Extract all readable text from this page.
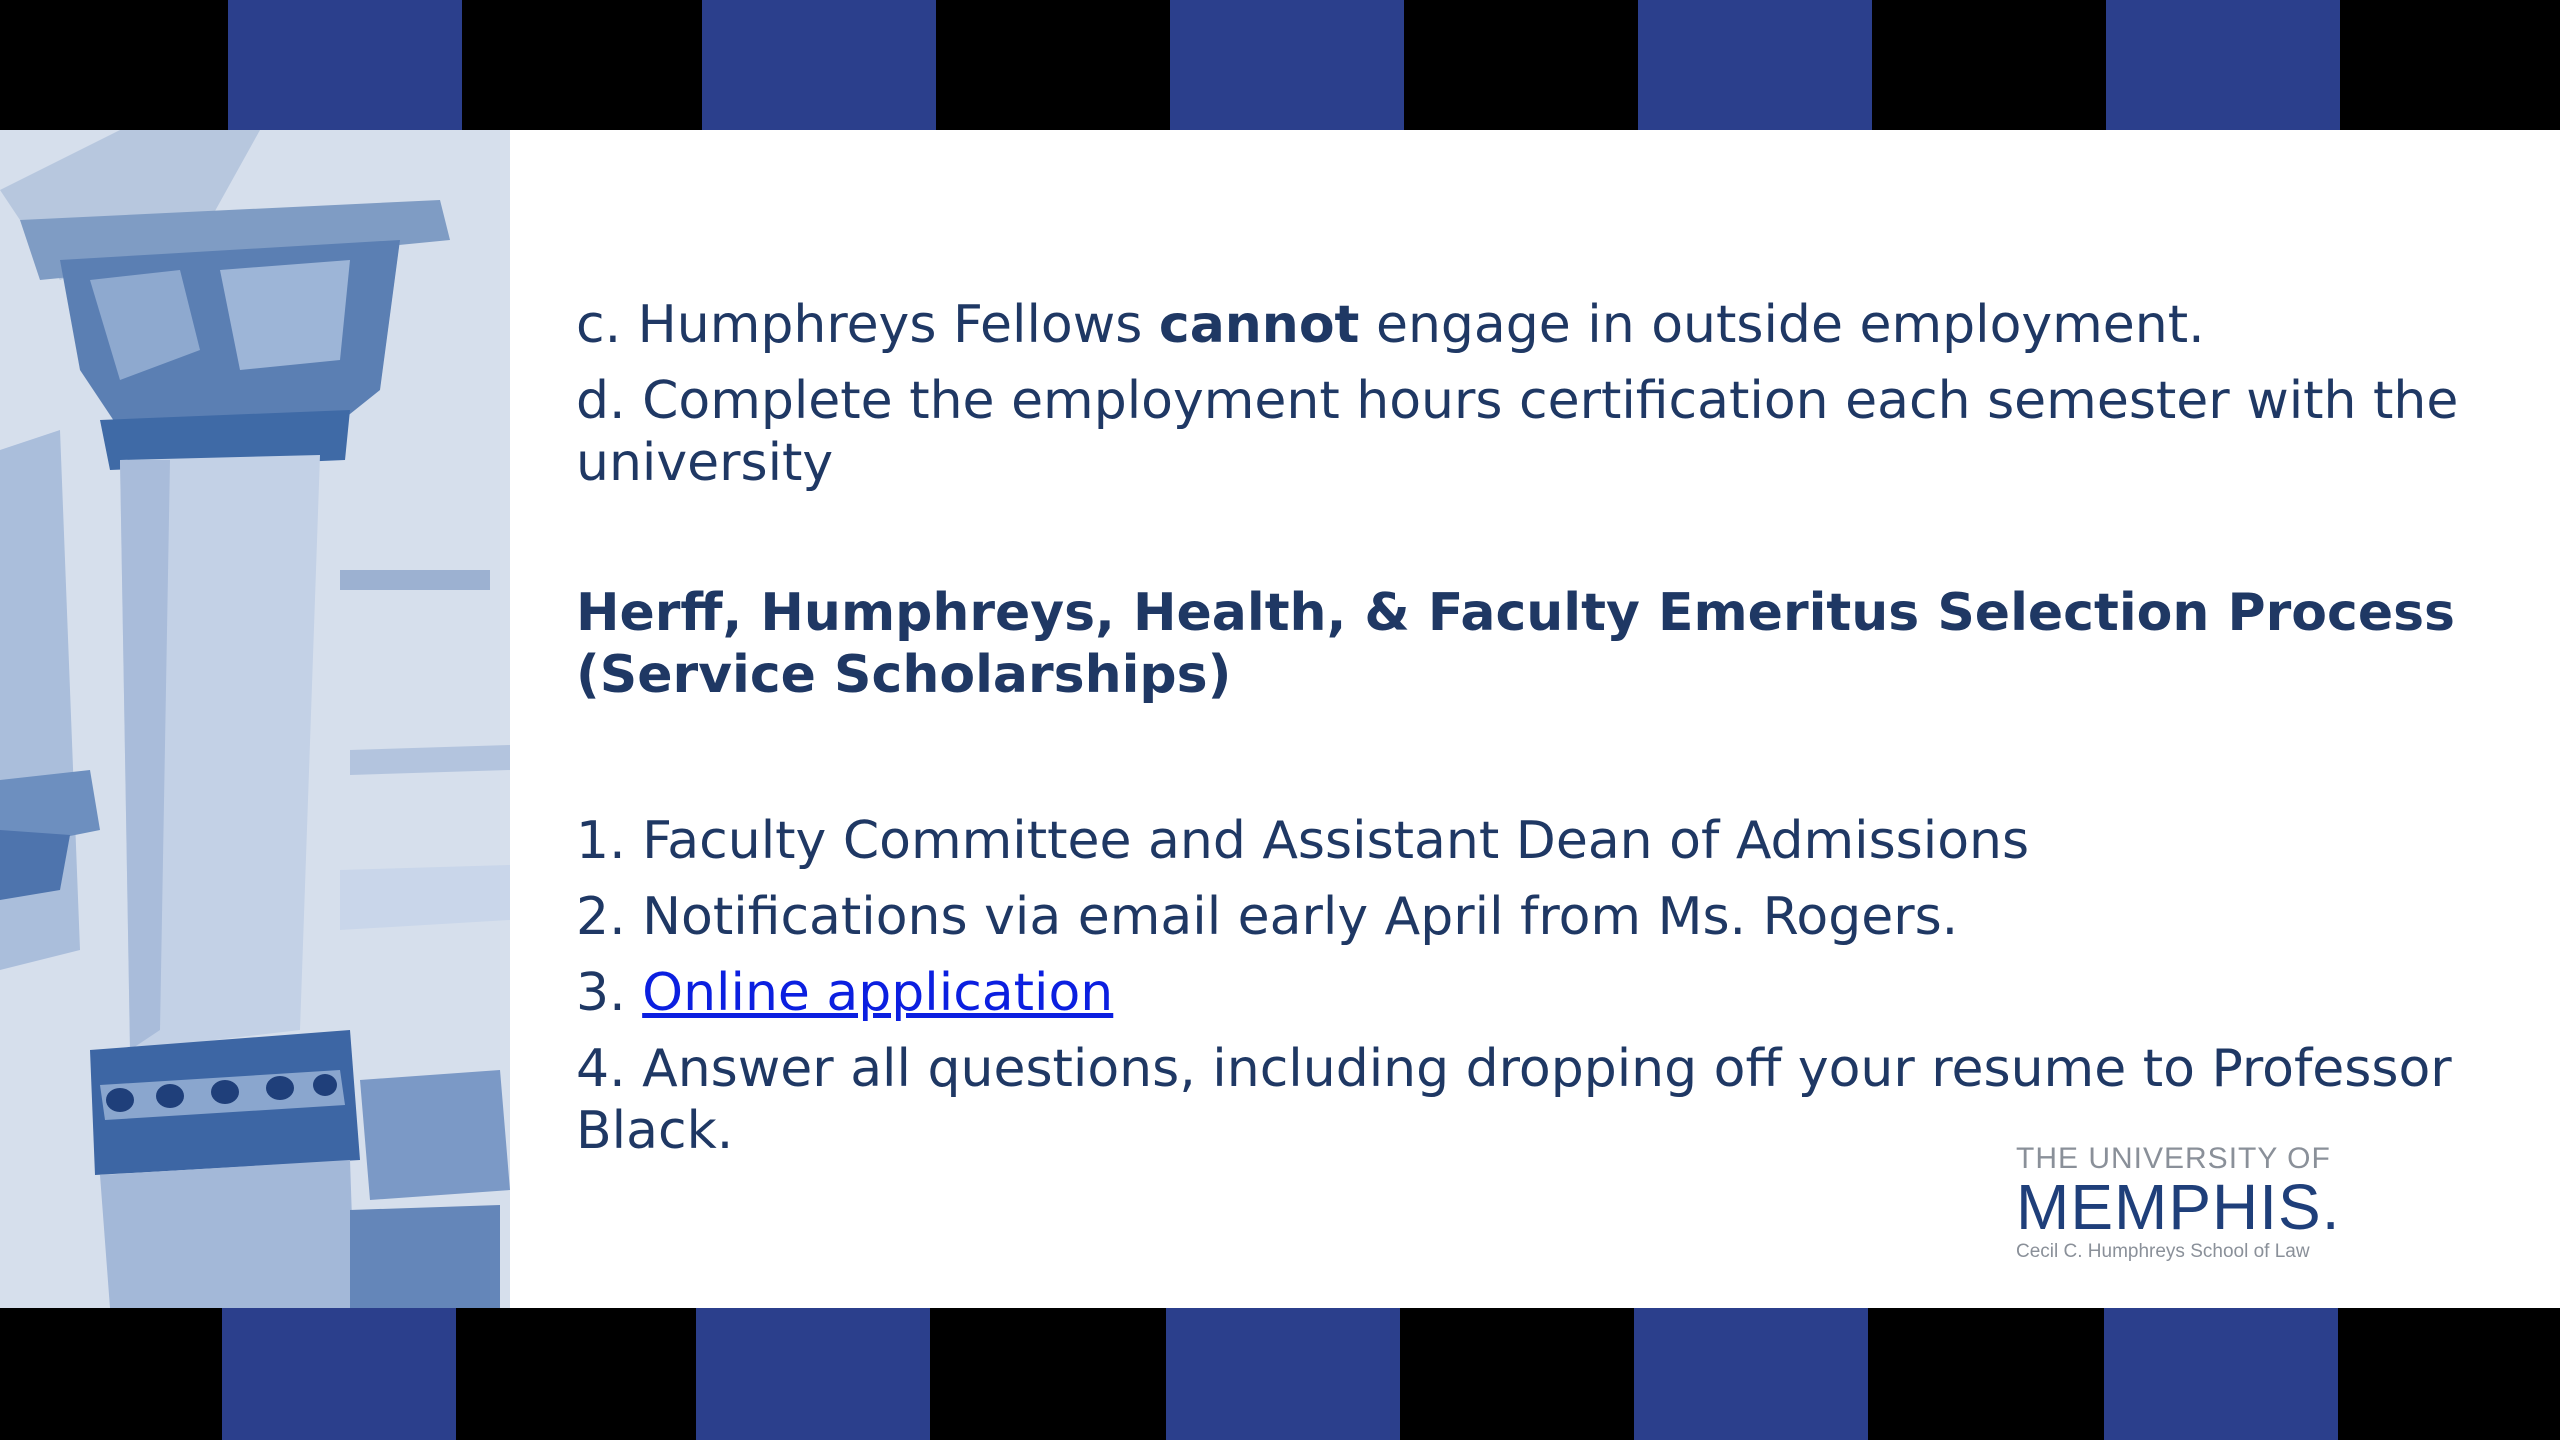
c. Humphreys Fellows cannot engage in outside employment.

d. Complete the employment hours certification each semester with the university

Herff, Humphreys, Health, & Faculty Emeritus Selection Process (Service Scholarships)

1. Faculty Committee and Assistant Dean of Admissions

2. Notifications via email early April from Ms. Rogers.

3. Online application

4. Answer all questions, including dropping off your resume to Professor Black.	THE UNIVERSITY OF
MEMPHIS.
Cecil C. Humphreys School of Law
